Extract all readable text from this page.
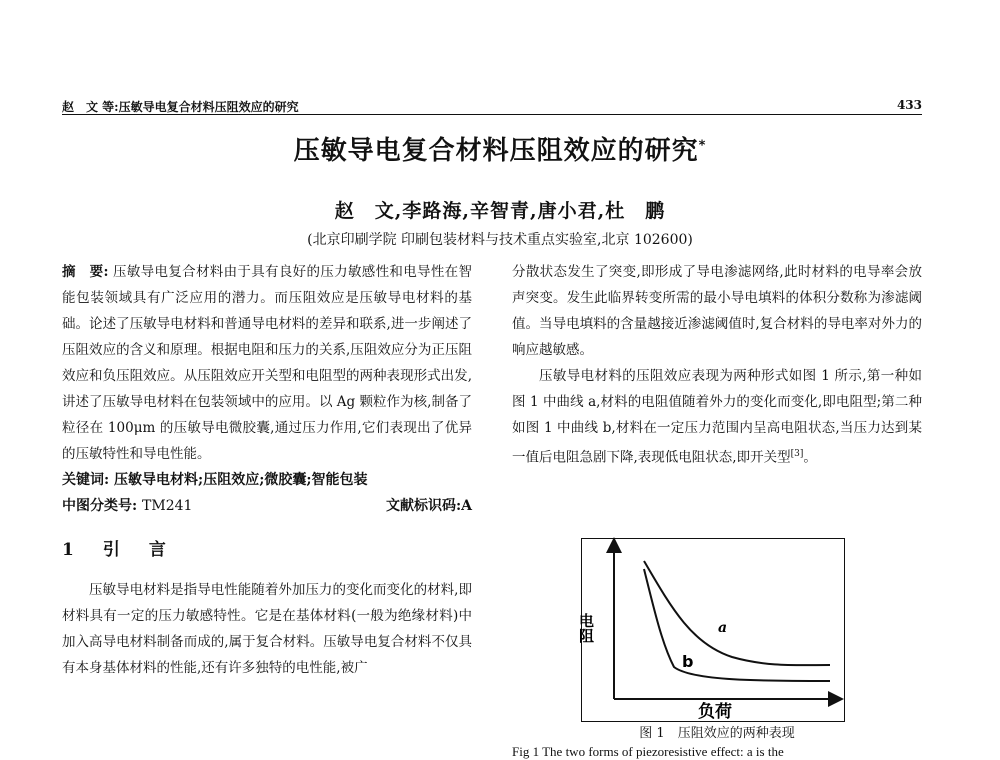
赵　文 等:压敏导电复合材料压阻效应的研究	433
压敏导电复合材料压阻效应的研究*
赵　文,李路海,辛智青,唐小君,杜　鹏
(北京印刷学院 印刷包装材料与技术重点实验室,北京 102600)

摘　要: 压敏导电复合材料由于具有良好的压力敏感性和电导性在智能包装领域具有广泛应用的潜力。而压阻效应是压敏导电材料的基础。论述了压敏导电材料和普通导电材料的差异和联系,进一步阐述了压阻效应的含义和原理。根据电阻和压力的关系,压阻效应分为正压阻效应和负压阻效应。从压阻效应开关型和电阻型的两种表现形式出发,讲述了压敏导电材料在包装领域中的应用。以 Ag 颗粒作为核,制备了粒径在 100μm 的压敏导电微胶囊,通过压力作用,它们表现出了优异的压敏特性和导电性能。

关键词: 压敏导电材料;压阻效应;微胶囊;智能包装

中图分类号: TM241	文献标识码:A
1　引　言

压敏导电材料是指导电性能随着外加压力的变化而变化的材料,即材料具有一定的压力敏感特性。它是在基体材料(一般为绝缘材料)中加入高导电材料制备而成的,属于复合材料。压敏导电复合材料不仅具有本身基体材料的性能,还有许多独特的电性能,被广

分散状态发生了突变,即形成了导电渗滤网络,此时材料的电导率会放声突变。发生此临界转变所需的最小导电填料的体积分数称为渗滤阈值。当导电填料的含量越接近渗滤阈值时,复合材料的导电率对外力的响应越敏感。

压敏导电材料的压阻效应表现为两种形式如图 1 所示,第一种如图 1 中曲线 a,材料的电阻值随着外力的变化而变化,即电阻型;第二种如图 1 中曲线 b,材料在一定压力范围内呈高电阻状态,当压力达到某一值后电阻急剧下降,表现低电阻状态,即开关型[3]。

电阻
负荷
a
b
图 1　压阻效应的两种表现
Fig 1 The two forms of piezoresistive effect: a is the
